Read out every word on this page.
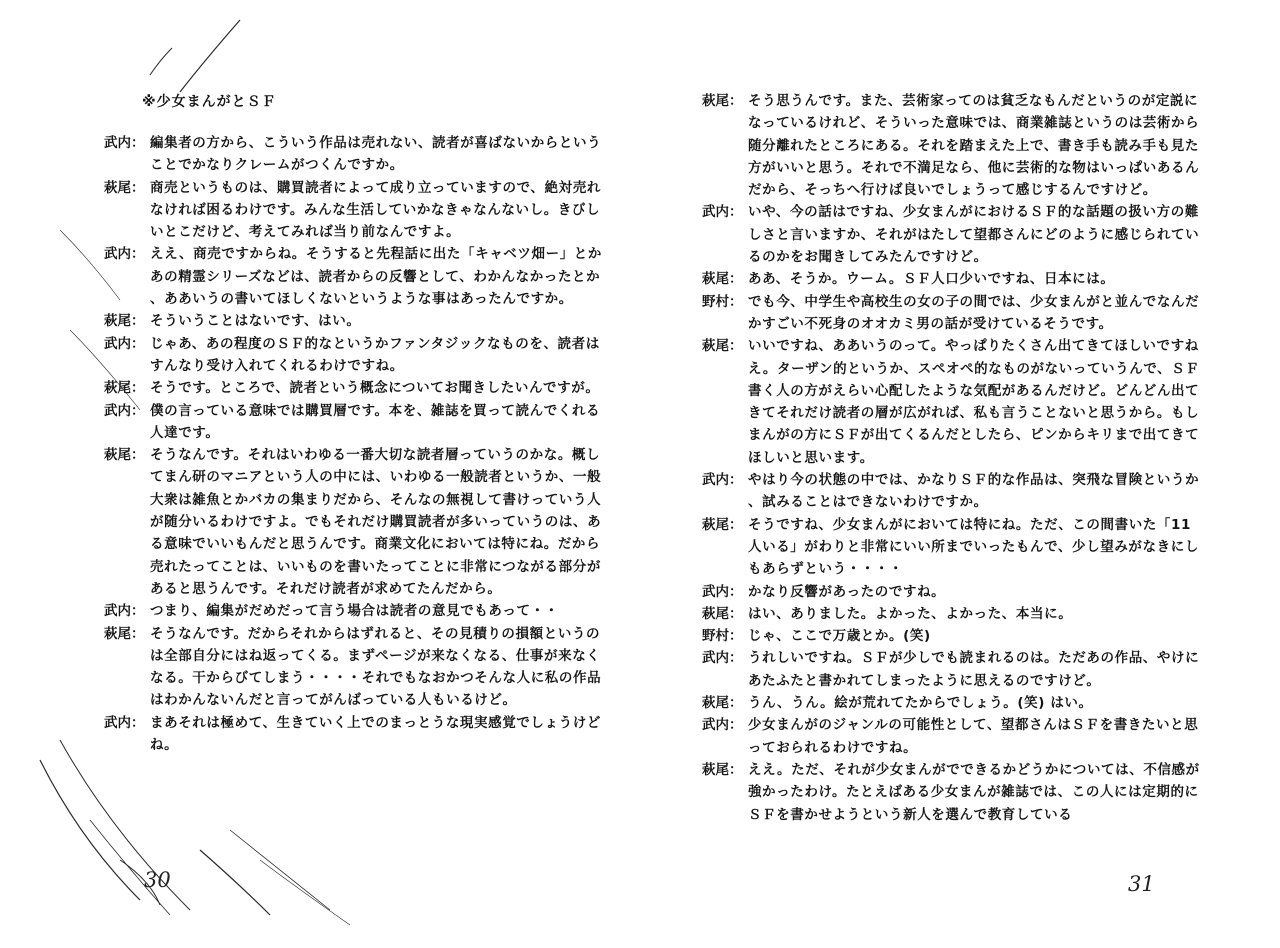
※少女まんがとＳＦ
武内： 編集者の方から、こういう作品は売れない、読者が喜ばないからということでかなりクレームがつくんですか。
萩尾： 商売というものは、購買読者によって成り立っていますので、絶対売れなければ困るわけです。みんな生活していかなきゃなんないし。きびしいとこだけど、考えてみれば当り前なんですよ。
武内： ええ、商売ですからね。そうすると先程話に出た「キャベツ畑ー」とかあの精霊シリーズなどは、読者からの反響として、わかんなかったとか、ああいうの書いてほしくないというような事はあったんですか。
萩尾： そういうことはないです、はい。
武内： じゃあ、あの程度のＳＦ的なというかファンタジックなものを、読者はすんなり受け入れてくれるわけですね。
萩尾： そうです。ところで、読者という概念についてお聞きしたいんですが。
武内： 僕の言っている意味では購買層です。本を、雑誌を買って読んでくれる人達です。
萩尾： そうなんです。それはいわゆる一番大切な読者層っていうのかな。概してまん研のマニアという人の中には、いわゆる一般読者というか、一般大衆は雑魚とかバカの集まりだから、そんなの無視して書けっていう人が随分いるわけですよ。でもそれだけ購買読者が多いっていうのは、ある意味でいいもんだと思うんです。商業文化においては特にね。だから売れたってことは、いいものを書いたってことに非常につながる部分があると思うんです。それだけ読者が求めてたんだから。
武内： つまり、編集がだめだって言う場合は読者の意見でもあって・・
萩尾： そうなんです。だからそれからはずれると、その見積りの損額というのは全部自分にはね返ってくる。まずページが来なくなる、仕事が来なくなる。干からびてしまう・・・・それでもなおかつそんな人に私の作品はわかんないんだと言ってがんばっている人もいるけど。
武内： まあそれは極めて、生きていく上でのまっとうな現実感覚でしょうけどね。
30
萩尾： そう思うんです。また、芸術家ってのは貧乏なもんだというのが定説になっているけれど、そういった意味では、商業雑誌というのは芸術から随分離れたところにある。それを踏まえた上で、書き手も読み手も見た方がいいと思う。それで不満足なら、他に芸術的な物はいっぱいあるんだから、そっちへ行けば良いでしょうって感じするんですけど。
武内： いや、今の話はですね、少女まんがにおけるＳＦ的な話題の扱い方の難しさと言いますか、それがはたして望都さんにどのように感じられているのかをお聞きしてみたんですけど。
萩尾： ああ、そうか。ウーム。ＳＦ人口少いですね、日本には。
野村： でも今、中学生や高校生の女の子の間では、少女まんがと並んでなんだかすごい不死身のオオカミ男の話が受けているそうです。
萩尾： いいですね、ああいうのって。やっぱりたくさん出てきてほしいですねえ。ターザン的というか、スペオペ的なものがないっていうんで、ＳＦ書く人の方がえらい心配したような気配があるんだけど。どんどん出てきてそれだけ読者の層が広がれば、私も言うことないと思うから。もしまんがの方にＳＦが出てくるんだとしたら、ピンからキリまで出てきてほしいと思います。
武内： やはり今の状態の中では、かなりＳＦ的な作品は、突飛な冒険というか、試みることはできないわけですか。
萩尾： そうですね、少女まんがにおいては特にね。ただ、この間書いた「11人いる」がわりと非常にいい所までいったもんで、少し望みがなきにしもあらずという・・・・
武内： かなり反響があったのですね。
萩尾： はい、ありました。よかった、よかった、本当に。
野村： じゃ、ここで万歳とか。(笑)
武内： うれしいですね。ＳＦが少しでも読まれるのは。ただあの作品、やけにあたふたと書かれてしまったように思えるのですけど。
萩尾： うん、うん。絵が荒れてたからでしょう。(笑) はい。
武内： 少女まんがのジャンルの可能性として、望都さんはＳＦを書きたいと思っておられるわけですね。
萩尾： ええ。ただ、それが少女まんがでできるかどうかについては、不信感が強かったわけ。たとえばある少女まんが雑誌では、この人には定期的にＳＦを書かせようという新人を選んで教育している
31
